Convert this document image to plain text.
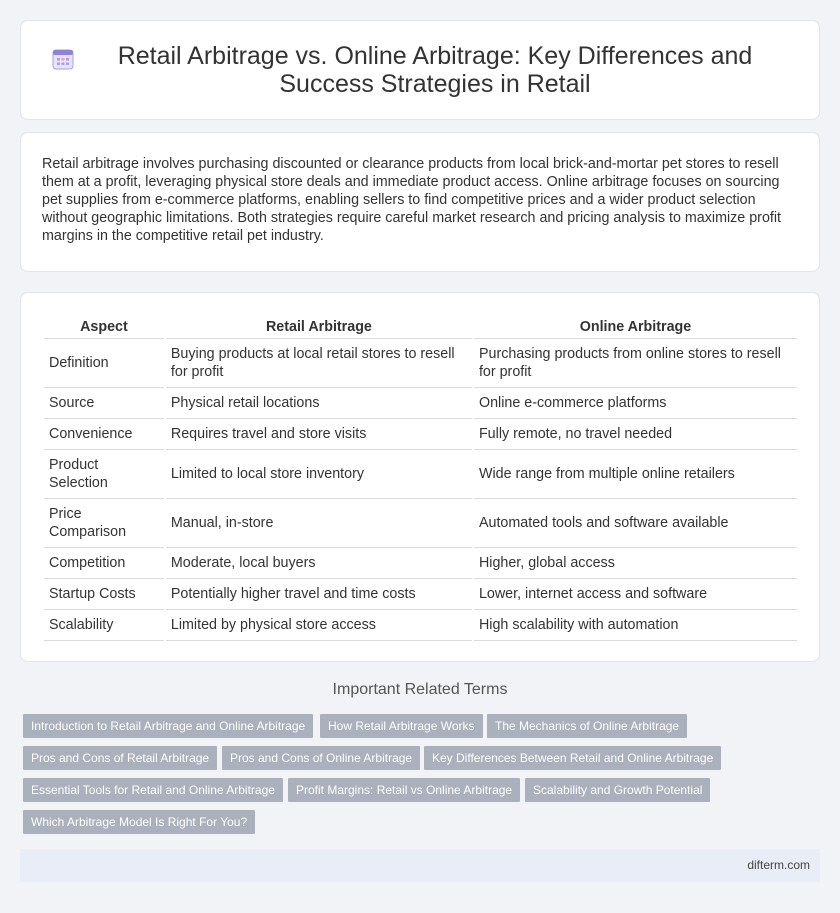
Retail Arbitrage vs. Online Arbitrage: Key Differences and Success Strategies in Retail

Retail arbitrage involves purchasing discounted or clearance products from local brick-and-mortar pet stores to resell them at a profit, leveraging physical store deals and immediate product access. Online arbitrage focuses on sourcing pet supplies from e-commerce platforms, enabling sellers to find competitive prices and a wider product selection without geographic limitations. Both strategies require careful market research and pricing analysis to maximize profit margins in the competitive retail pet industry.

Aspect	Retail Arbitrage	Online Arbitrage
Definition	Buying products at local retail stores to resell for profit	Purchasing products from online stores to resell for profit
Source	Physical retail locations	Online e-commerce platforms
Convenience	Requires travel and store visits	Fully remote, no travel needed
Product Selection	Limited to local store inventory	Wide range from multiple online retailers
Price Comparison	Manual, in-store	Automated tools and software available
Competition	Moderate, local buyers	Higher, global access
Startup Costs	Potentially higher travel and time costs	Lower, internet access and software
Scalability	Limited by physical store access	High scalability with automation
Important Related Terms
Introduction to Retail Arbitrage and Online Arbitrage	How Retail Arbitrage Works	The Mechanics of Online Arbitrage
Pros and Cons of Retail Arbitrage	Pros and Cons of Online Arbitrage	Key Differences Between Retail and Online Arbitrage
Essential Tools for Retail and Online Arbitrage	Profit Margins: Retail vs Online Arbitrage	Scalability and Growth Potential
Which Arbitrage Model Is Right For You?
difterm.com
